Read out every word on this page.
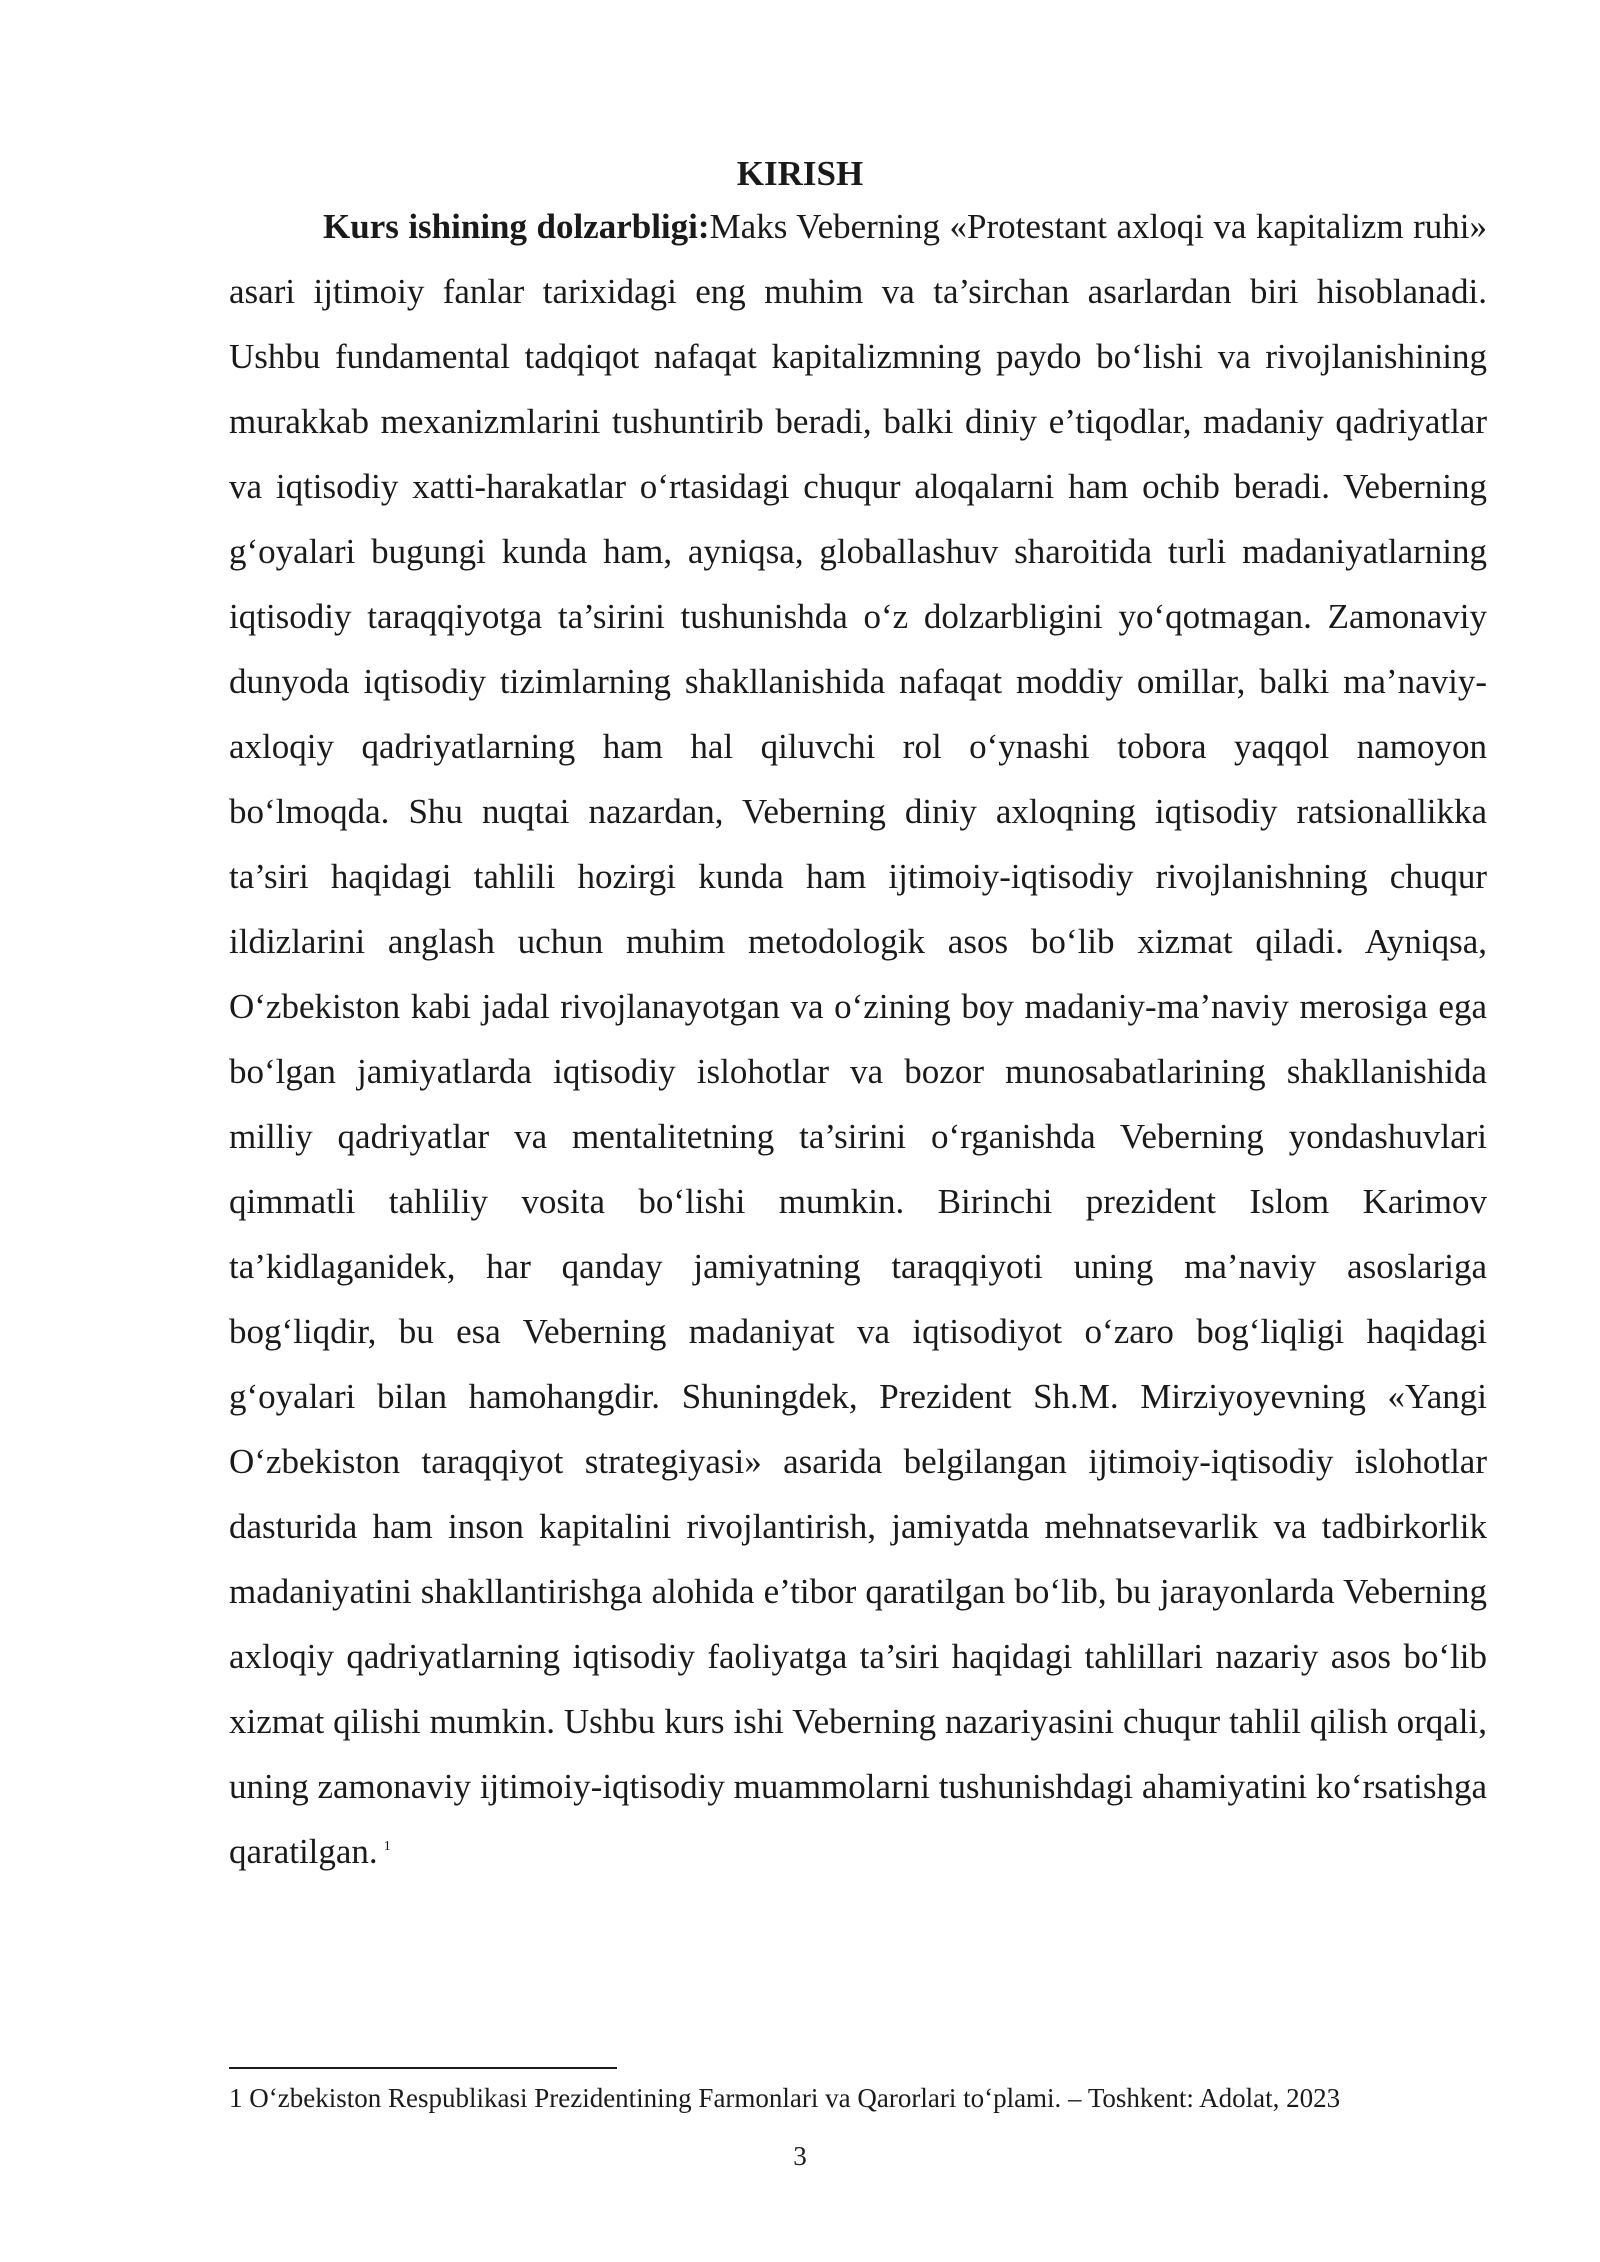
KIRISH

Kurs ishining dolzarbligi:Maks Veberning «Protestant axloqi va kapitalizm ruhi» asari ijtimoiy fanlar tarixidagi eng muhim va ta’sirchan asarlardan biri hisoblanadi. Ushbu fundamental tadqiqot nafaqat kapitalizmning paydo boʻlishi va rivojlanishining murakkab mexanizmlarini tushuntirib beradi, balki diniy e’tiqodlar, madaniy qadriyatlar va iqtisodiy xatti-harakatlar oʻrtasidagi chuqur aloqalarni ham ochib beradi. Veberning gʻoyalari bugungi kunda ham, ayniqsa, globallashuv sharoitida turli madaniyatlarning iqtisodiy taraqqiyotga ta’sirini tushunishda oʻz dolzarbligini yoʻqotmagan. Zamonaviy dunyoda iqtisodiy tizimlarning shakllanishida nafaqat moddiy omillar, balki ma’naviy-axloqiy qadriyatlarning ham hal qiluvchi rol oʻynashi tobora yaqqol namoyon boʻlmoqda. Shu nuqtai nazardan, Veberning diniy axloqning iqtisodiy ratsionallikka ta’siri haqidagi tahlili hozirgi kunda ham ijtimoiy-iqtisodiy rivojlanishning chuqur ildizlarini anglash uchun muhim metodologik asos boʻlib xizmat qiladi. Ayniqsa, Oʻzbekiston kabi jadal rivojlanayotgan va oʻzining boy madaniy-ma’naviy merosiga ega boʻlgan jamiyatlarda iqtisodiy islohotlar va bozor munosabatlarining shakllanishida milliy qadriyatlar va mentalitetning ta’sirini oʻrganishda Veberning yondashuvlari qimmatli tahliliy vosita boʻlishi mumkin. Birinchi prezident Islom Karimov ta’kidlaganidek, har qanday jamiyatning taraqqiyoti uning ma’naviy asoslariga bogʻliqdir, bu esa Veberning madaniyat va iqtisodiyot oʻzaro bogʻliqligi haqidagi gʻoyalari bilan hamohangdir. Shuningdek, Prezident Sh.M. Mirziyoyevning «Yangi Oʻzbekiston taraqqiyot strategiyasi» asarida belgilangan ijtimoiy-iqtisodiy islohotlar dasturida ham inson kapitalini rivojlantirish, jamiyatda mehnatsevarlik va tadbirkorlik madaniyatini shakllantirishga alohida e’tibor qaratilgan boʻlib, bu jarayonlarda Veberning axloqiy qadriyatlarning iqtisodiy faoliyatga ta’siri haqidagi tahlillari nazariy asos boʻlib xizmat qilishi mumkin. Ushbu kurs ishi Veberning nazariyasini chuqur tahlil qilish orqali, uning zamonaviy ijtimoiy-iqtisodiy muammolarni tushunishdagi ahamiyatini koʻrsatishga qaratilgan. $^1$

1 Oʻzbekiston Respublikasi Prezidentining Farmonlari va Qarorlari toʻplami. – Toshkent: Adolat, 2023

3
